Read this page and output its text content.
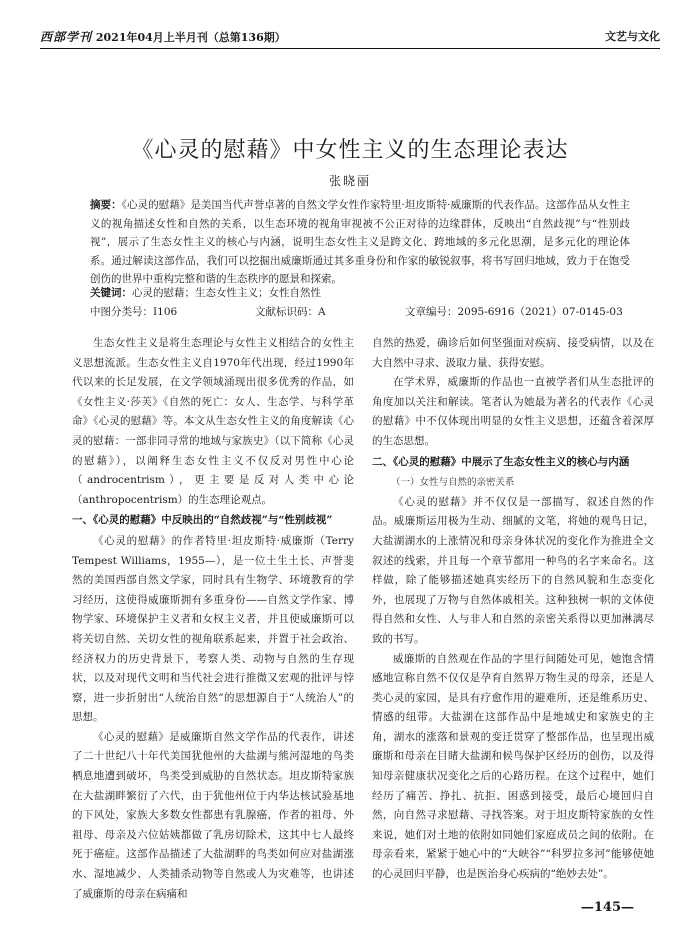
西部学刊 2021年04月上半月刊（总第136期）	文艺与文化
《心灵的慰藉》中女性主义的生态理论表达
张晓丽
摘要：《心灵的慰藉》是美国当代声誉卓著的自然文学女性作家特里·坦皮斯特·威廉斯的代表作品。这部作品从女性主义的视角描述女性和自然的关系，以生态环境的视角审视被不公正对待的边缘群体，反映出“自然歧视”与“性别歧视”，展示了生态女性主义的核心与内涵，说明生态女性主义是跨文化、跨地域的多元化思潮，是多元化的理论体系。通过解读这部作品，我们可以挖掘出威廉斯通过其多重身份和作家的敏锐叙事，将书写回归地域，致力于在饱受创伤的世界中重构完整和谐的生态秩序的愿景和探索。
关键词：心灵的慰藉；生态女性主义；女性自然性
中图分类号：I106	文献标识码：A	文章编号：2095-6916（2021）07-0145-03

生态女性主义是将生态理论与女性主义相结合的女性主义思想流派。生态女性主义自1970年代出现，经过1990年代以来的长足发展，在文学领域涌现出很多优秀的作品，如《女性主义·莎芙》《自然的死亡：女人、生态学、与科学革命》《心灵的慰藉》等。本文从生态女性主义的角度解读《心灵的慰藉：一部非同寻常的地域与家族史》（以下简称《心灵的慰藉》），以阐释生态女性主义不仅反对男性中心论（androcentrism），更主要是反对人类中心论（anthropocentrism）的生态理论观点。

一、《心灵的慰藉》中反映出的“自然歧视”与“性别歧视”

《心灵的慰藉》的作者特里·坦皮斯特·威廉斯（Terry Tempest Williams，1955—），是一位土生土长、声誉斐然的美国西部自然文学家，同时具有生物学、环境教育的学习经历，这使得威廉斯拥有多重身份——自然文学作家、博物学家、环境保护主义者和女权主义者，并且使威廉斯可以将关切自然、关切女性的视角联系起来，并置于社会政治、经济权力的历史背景下，考察人类、动物与自然的生存现状，以及对现代文明和当代社会进行推微又宏观的批评与悖察，进一步折射出“人统治自然”的思想源自于“人统治人”的思想。

《心灵的慰藉》是威廉斯自然文学作品的代表作，讲述了二十世纪八十年代美国犹他州的大盐湖与熊河湿地的鸟类栖息地遭到破坏，鸟类受到威胁的自然状态。坦皮斯特家族在大盐湖畔繁衍了六代，由于犹他州位于内华达核试验基地的下风处，家族大多数女性都患有乳腺癌，作者的祖母、外祖母、母亲及六位姑姨都做了乳房切除术，这其中七人最终死于癌症。这部作品描述了大盐湖畔的鸟类如何应对盐湖涨水、湿地减少、人类捕杀动物等自然或人为灾难等，也讲述了威廉斯的母亲在病痛和

自然的热爱，确诊后如何坚强面对疾病、接受病情，以及在大自然中寻求、汲取力量、获得安慰。

在学术界，威廉斯的作品也一直被学者们从生态批评的角度加以关注和解读。笔者认为她最为著名的代表作《心灵的慰藉》中不仅体现出明显的女性主义思想，还蕴含着深厚的生态思想。

二、《心灵的慰藉》中展示了生态女性主义的核心与内涵
（一）女性与自然的亲密关系

《心灵的慰藉》并不仅仅是一部描写、叙述自然的作品。威廉斯运用极为生动、细腻的文笔，将她的观鸟日记，大盐湖湖水的上涨情况和母亲身体状况的变化作为推进全文叙述的线索，并且每一个章节都用一种鸟的名字来命名。这样做，除了能够描述她真实经历下的自然风貌和生态变化外，也展现了万物与自然体戚相关。这种独树一帜的文体使得自然和女性、人与非人和自然的亲密关系得以更加淋漓尽致的书写。

威廉斯的自然观在作品的字里行间随处可见，她饱含情感地宣称自然不仅仅是孕育自然界万物生灵的母亲，还是人类心灵的家园，是具有疗愈作用的避难所，还是维系历史、情感的纽带。大盐湖在这部作品中是地域史和家族史的主角，湖水的涨落和景观的变迁贯穿了整部作品，也呈现出威廉斯和母亲在目睹大盐湖和候鸟保护区经历的创伤，以及得知母亲健康状况变化之后的心路历程。在这个过程中，她们经历了痛苦、挣扎、抗拒、困惑到接受，最后心境回归自然，向自然寻求慰藉、寻找答案。对于坦皮斯特家族的女性来说，她们对土地的依附如同她们家庭成员之间的依附。在母亲看来，紧紧于她心中的“大峡谷”“科罗拉多河”能够使她的心灵回归平静，也是医治身心疾病的“绝妙去处”。

—145—
